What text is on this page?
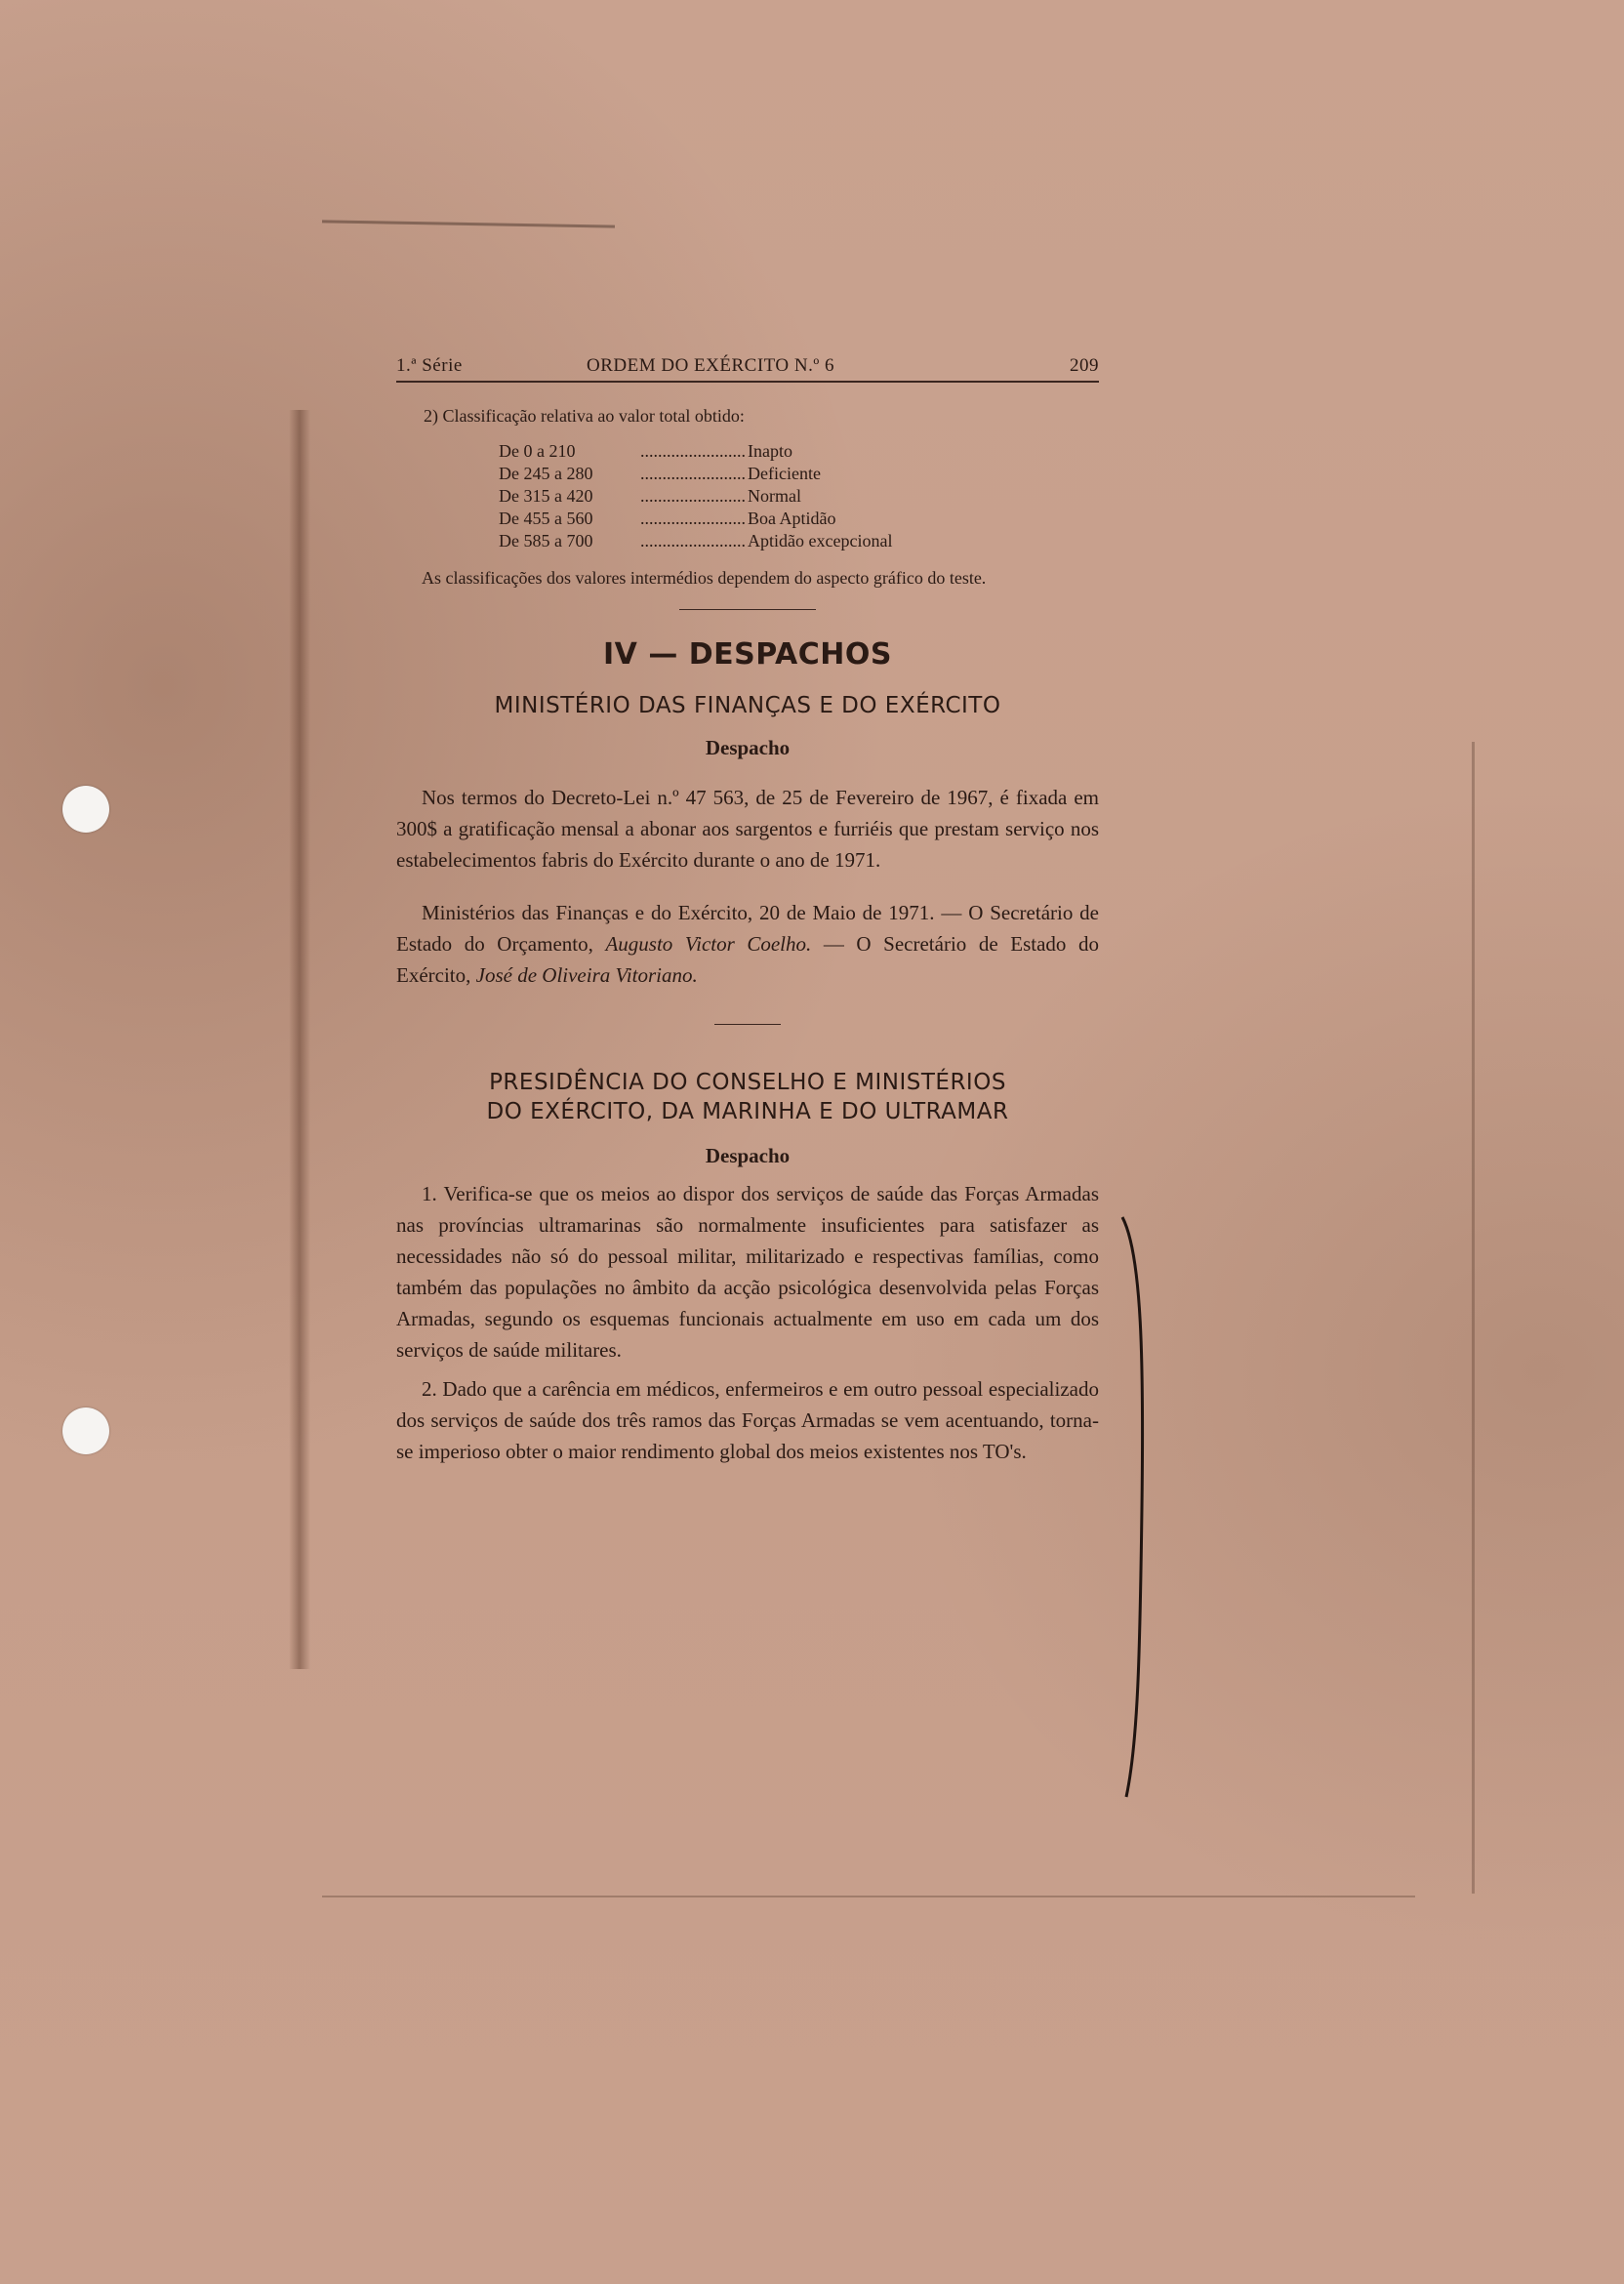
1.ª Série	ORDEM DO EXÉRCITO N.º 6	209
2) Classificação relativa ao valor total obtido:
De 0 a 210	........................ Inapto
De 245 a 280	........................ Deficiente
De 315 a 420	........................ Normal
De 455 a 560	........................ Boa Aptidão
De 585 a 700	........................ Aptidão excepcional
As classificações dos valores intermédios dependem do aspecto gráfico do teste.
IV — DESPACHOS
MINISTÉRIO DAS FINANÇAS E DO EXÉRCITO
Despacho
Nos termos do Decreto-Lei n.º 47 563, de 25 de Fevereiro de 1967, é fixada em 300$ a gratificação mensal a abonar aos sargentos e furriéis que prestam serviço nos estabelecimentos fabris do Exército durante o ano de 1971.
Ministérios das Finanças e do Exército, 20 de Maio de 1971. — O Secretário de Estado do Orçamento, Augusto Victor Coelho. — O Secretário de Estado do Exército, José de Oliveira Vitoriano.
PRESIDÊNCIA DO CONSELHO E MINISTÉRIOS
DO EXÉRCITO, DA MARINHA E DO ULTRAMAR
Despacho
1. Verifica-se que os meios ao dispor dos serviços de saúde das Forças Armadas nas províncias ultramarinas são normalmente insuficientes para satisfazer as necessidades não só do pessoal militar, militarizado e respectivas famílias, como também das populações no âmbito da acção psicológica desenvolvida pelas Forças Armadas, segundo os esquemas funcionais actualmente em uso em cada um dos serviços de saúde militares.
2. Dado que a carência em médicos, enfermeiros e em outro pessoal especializado dos serviços de saúde dos três ramos das Forças Armadas se vem acentuando, torna-se imperioso obter o maior rendimento global dos meios existentes nos TO's.
